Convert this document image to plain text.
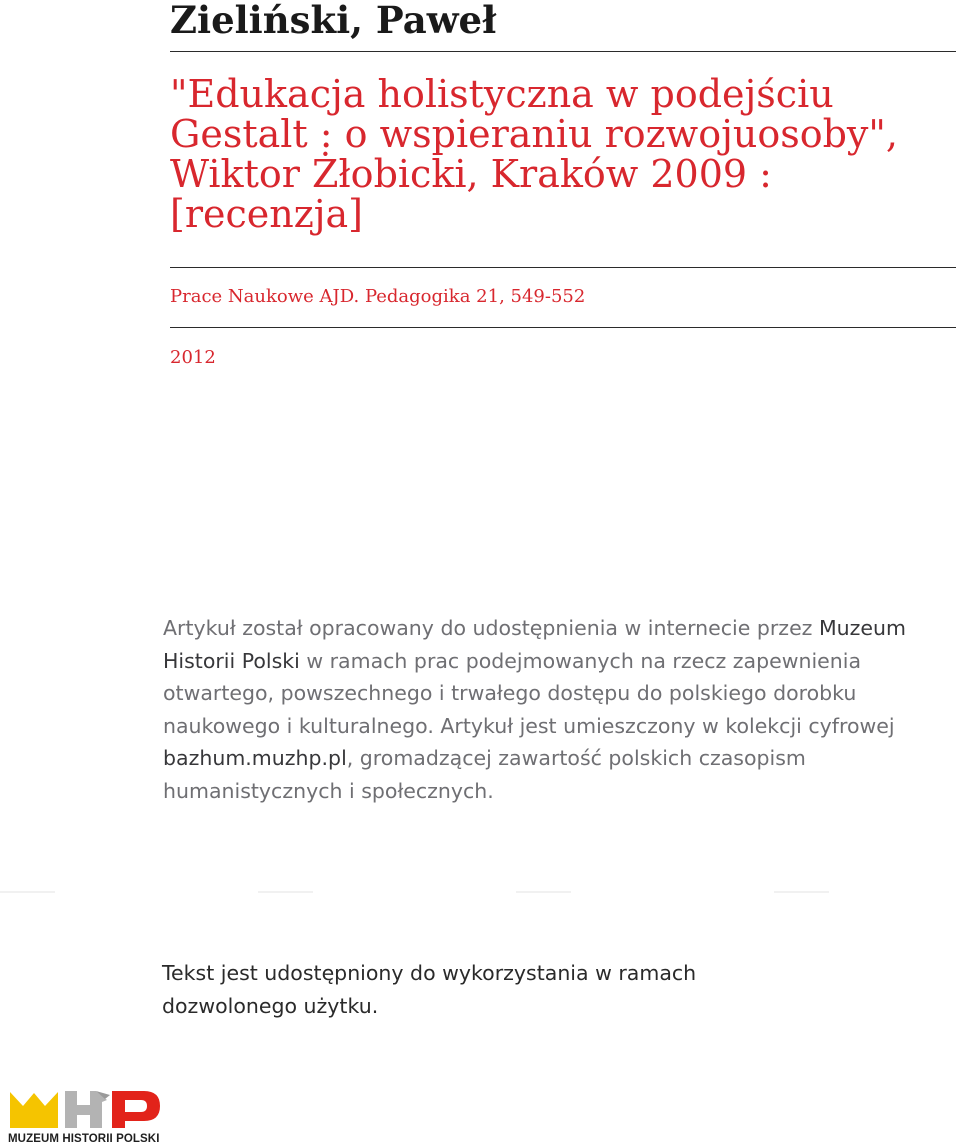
Zieliński, Paweł
"Edukacja holistyczna w podejściu Gestalt : o wspieraniu rozwojuosoby", Wiktor Żłobicki, Kraków 2009 : [recenzja]
Prace Naukowe AJD. Pedagogika 21, 549-552
2012

Artykuł został opracowany do udostępnienia w internecie przez Muzeum Historii Polski w ramach prac podejmowanych na rzecz zapewnienia otwartego, powszechnego i trwałego dostępu do polskiego dorobku naukowego i kulturalnego. Artykuł jest umieszczony w kolekcji cyfrowej bazhum.muzhp.pl, gromadzącej zawartość polskich czasopism humanistycznych i społecznych.

Tekst jest udostępniony do wykorzystania w ramach dozwolonego użytku.

MUZEUM HISTORII POLSKI
